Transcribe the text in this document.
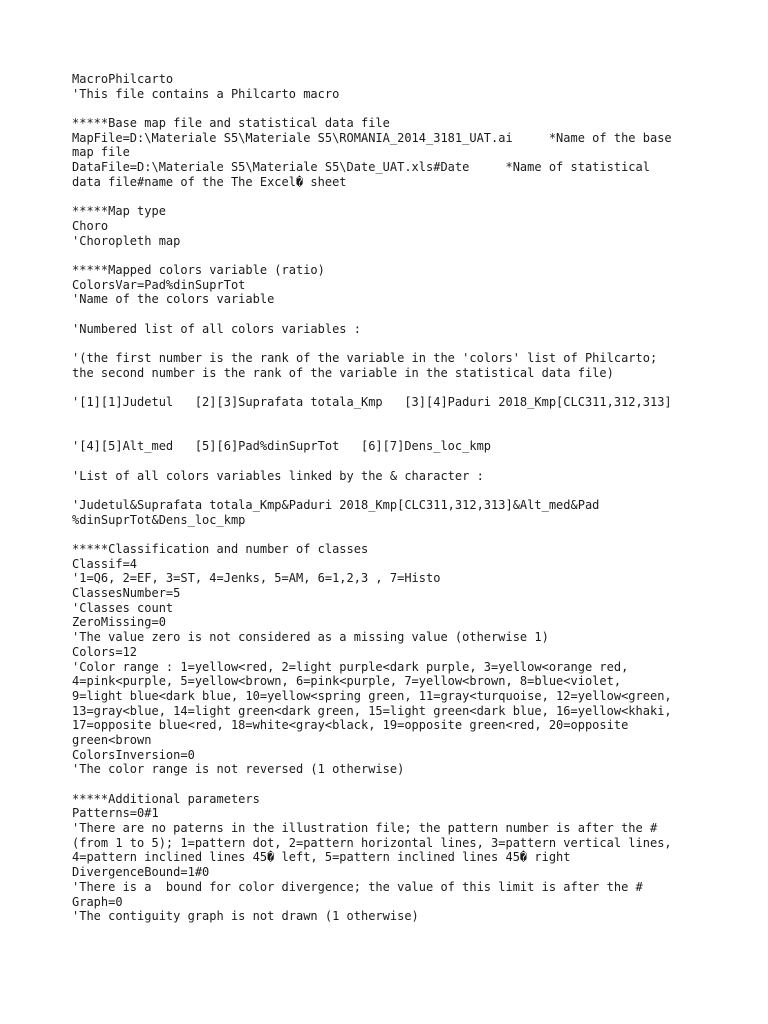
MacroPhilcarto
'This file contains a Philcarto macro
*****Base map file and statistical data file
MapFile=D:\Materiale S5\Materiale S5\ROMANIA_2014_3181_UAT.ai     *Name of the base
map file
DataFile=D:\Materiale S5\Materiale S5\Date_UAT.xls#Date     *Name of statistical
data file#name of the The Excel� sheet
*****Map type
Choro
'Choropleth map
*****Mapped colors variable (ratio)
ColorsVar=Pad%dinSuprTot
'Name of the colors variable
'Numbered list of all colors variables :
'(the first number is the rank of the variable in the 'colors' list of Philcarto;
the second number is the rank of the variable in the statistical data file)
'[1][1]Judetul   [2][3]Suprafata totala_Kmp   [3][4]Paduri 2018_Kmp[CLC311,312,313]
'[4][5]Alt_med   [5][6]Pad%dinSuprTot   [6][7]Dens_loc_kmp
'List of all colors variables linked by the & character :
'Judetul&Suprafata totala_Kmp&Paduri 2018_Kmp[CLC311,312,313]&Alt_med&Pad
%dinSuprTot&Dens_loc_kmp
*****Classification and number of classes
Classif=4
'1=Q6, 2=EF, 3=ST, 4=Jenks, 5=AM, 6=1,2,3 , 7=Histo
ClassesNumber=5
'Classes count
ZeroMissing=0
'The value zero is not considered as a missing value (otherwise 1)
Colors=12
'Color range : 1=yellow<red, 2=light purple<dark purple, 3=yellow<orange red,
4=pink<purple, 5=yellow<brown, 6=pink<purple, 7=yellow<brown, 8=blue<violet,
9=light blue<dark blue, 10=yellow<spring green, 11=gray<turquoise, 12=yellow<green,
13=gray<blue, 14=light green<dark green, 15=light green<dark blue, 16=yellow<khaki,
17=opposite blue<red, 18=white<gray<black, 19=opposite green<red, 20=opposite
green<brown
ColorsInversion=0
'The color range is not reversed (1 otherwise)
*****Additional parameters
Patterns=0#1
'There are no paterns in the illustration file; the pattern number is after the #
(from 1 to 5); 1=pattern dot, 2=pattern horizontal lines, 3=pattern vertical lines,
4=pattern inclined lines 45� left, 5=pattern inclined lines 45� right
DivergenceBound=1#0
'There is a  bound for color divergence; the value of this limit is after the #
Graph=0
'The contiguity graph is not drawn (1 otherwise)
